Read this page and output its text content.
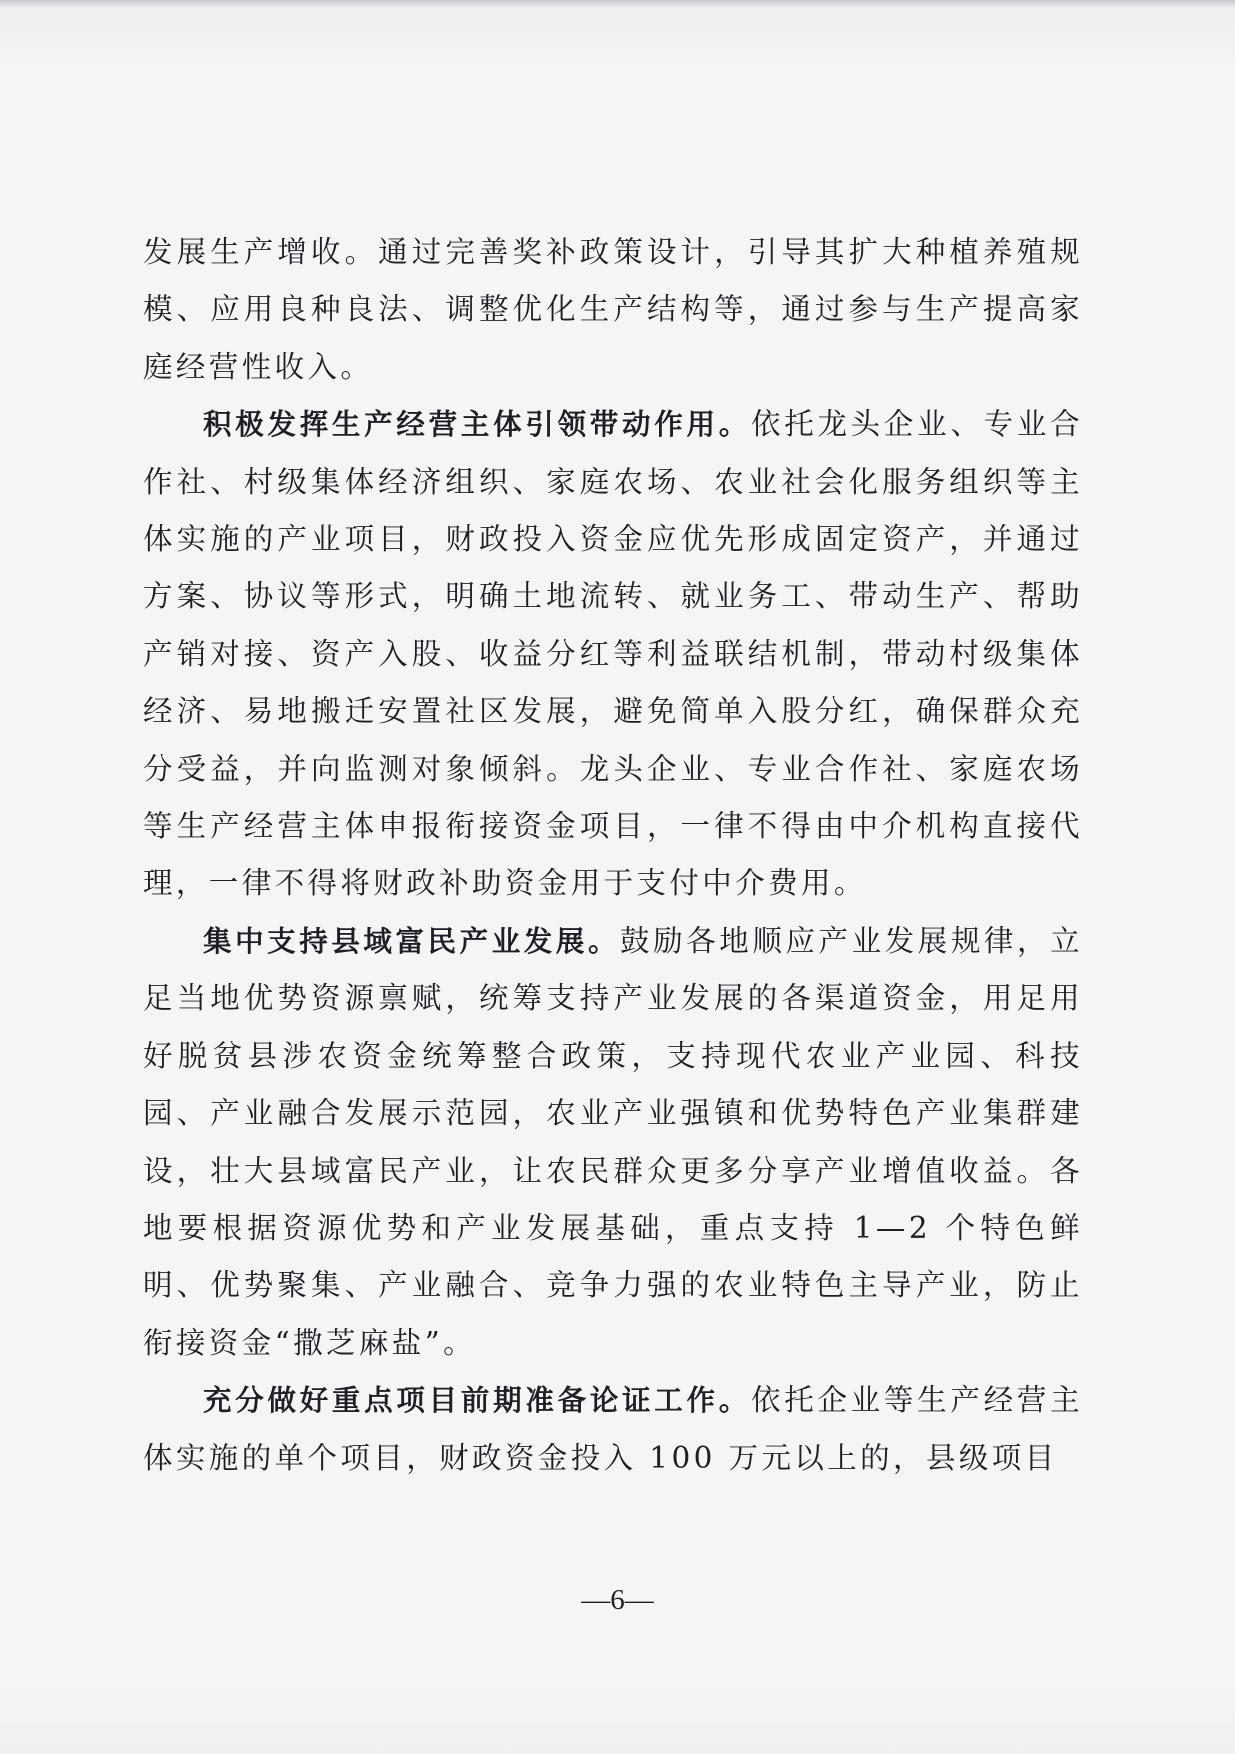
发展生产增收。通过完善奖补政策设计，引导其扩大种植养殖规模、应用良种良法、调整优化生产结构等，通过参与生产提高家庭经营性收入。

积极发挥生产经营主体引领带动作用。依托龙头企业、专业合作社、村级集体经济组织、家庭农场、农业社会化服务组织等主体实施的产业项目，财政投入资金应优先形成固定资产，并通过方案、协议等形式，明确土地流转、就业务工、带动生产、帮助产销对接、资产入股、收益分红等利益联结机制，带动村级集体经济、易地搬迁安置社区发展，避免简单入股分红，确保群众充分受益，并向监测对象倾斜。龙头企业、专业合作社、家庭农场等生产经营主体申报衔接资金项目，一律不得由中介机构直接代理，一律不得将财政补助资金用于支付中介费用。

集中支持县域富民产业发展。鼓励各地顺应产业发展规律，立足当地优势资源禀赋，统筹支持产业发展的各渠道资金，用足用好脱贫县涉农资金统筹整合政策，支持现代农业产业园、科技园、产业融合发展示范园，农业产业强镇和优势特色产业集群建设，壮大县域富民产业，让农民群众更多分享产业增值收益。各地要根据资源优势和产业发展基础，重点支持 1—2 个特色鲜明、优势聚集、产业融合、竞争力强的农业特色主导产业，防止衔接资金“撒芝麻盐”。

充分做好重点项目前期准备论证工作。依托企业等生产经营主体实施的单个项目，财政资金投入 100 万元以上的，县级项目

—6—
